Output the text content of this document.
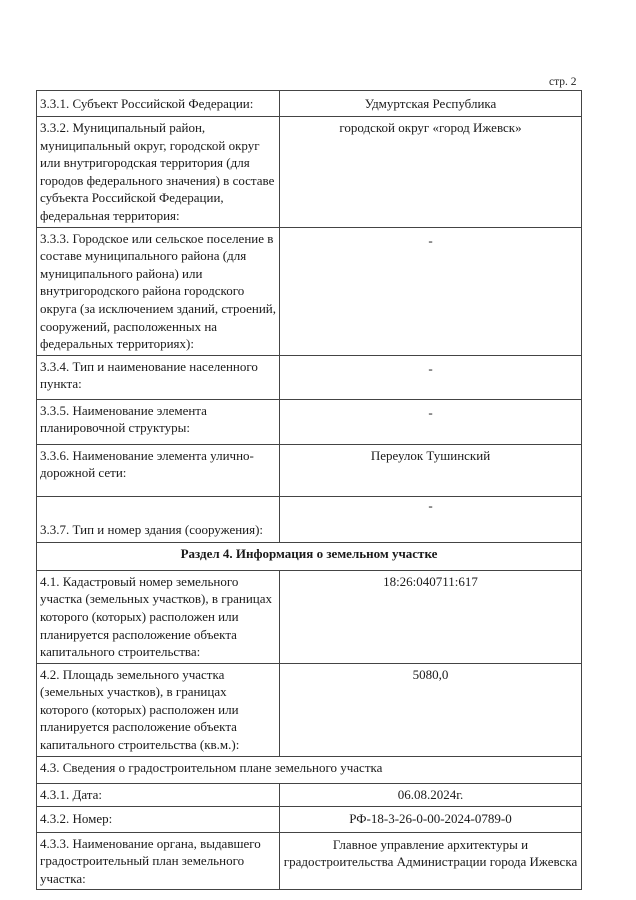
стр. 2
3.3.1. Субъект Российской Федерации:	Удмуртская Республика
3.3.2. Муниципальный район, муниципальный округ, городской округ или внутригородская территория (для городов федерального значения) в составе субъекта Российской Федерации, федеральная территория:	городской округ «город Ижевск»
3.3.3. Городское или сельское поселение в составе муниципального района (для муниципального района) или внутригородского района городского округа (за исключением зданий, строений, сооружений, расположенных на федеральных территориях):	-
3.3.4. Тип и наименование населенного пункта:	-
3.3.5. Наименование элемента планировочной структуры:	-
3.3.6. Наименование элемента улично-дорожной сети:	Переулок Тушинский
3.3.7. Тип и номер здания (сооружения):	-
Раздел 4. Информация о земельном участке	
4.1. Кадастровый номер земельного участка (земельных участков), в границах которого (которых) расположен или планируется расположение объекта капитального строительства:	18:26:040711:617
4.2. Площадь земельного участка (земельных участков), в границах которого (которых) расположен или планируется расположение объекта капитального строительства (кв.м.):	5080,0
4.3. Сведения о градостроительном плане земельного участка	
4.3.1. Дата:	06.08.2024г.
4.3.2. Номер:	РФ-18-3-26-0-00-2024-0789-0
4.3.3. Наименование органа, выдавшего градостроительный план земельного участка:	Главное управление архитектуры и
градостроительства Администрации города Ижевска
